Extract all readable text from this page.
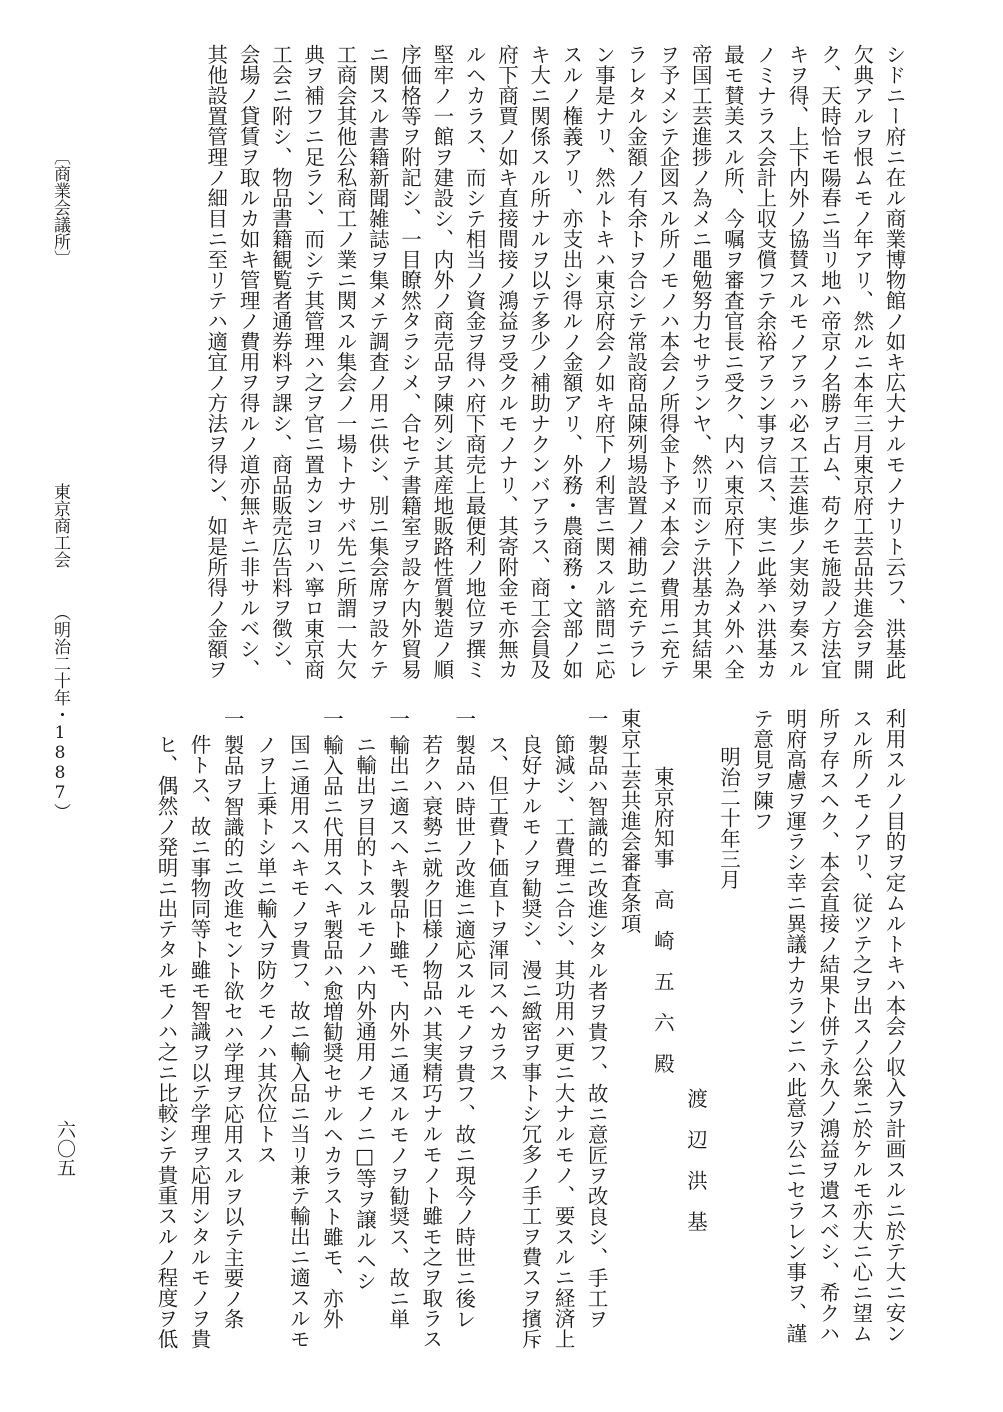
シドニー府ニ在ル商業博物館ノ如キ広大ナルモノナリト云フ、洪基此
欠典アルヲ恨ムモノ年アリ、然ルニ本年三月東京府工芸品共進会ヲ開
ク、天時恰モ陽春ニ当リ地ハ帝京ノ名勝ヲ占ム、苟クモ施設ノ方法宜
キヲ得、上下内外ノ協賛スルモノアラハ必ス工芸進歩ノ実効ヲ奏スル
ノミナラス会計上収支償フテ余裕アラン事ヲ信ス、実ニ此挙ハ洪基カ
最モ賛美スル所、今嘱ヲ審査官長ニ受ク、内ハ東京府下ノ為メ外ハ全
帝国工芸進捗ノ為メニ黽勉努力セサランヤ、然リ而シテ洪基カ其結果
ヲ予メシテ企図スル所ノモノハ本会ノ所得金ト予メ本会ノ費用ニ充テ
ラレタル金額ノ有余トヲ合シテ常設商品陳列場設置ノ補助ニ充テラレ
ン事是ナリ、然ルトキハ東京府会ノ如キ府下ノ利害ニ関スル諮問ニ応
スルノ権義アリ、亦支出シ得ルノ金額アリ、外務・農商務・文部ノ如
キ大ニ関係スル所ナルヲ以テ多少ノ補助ナクンバアラス、商工会員及
府下商賈ノ如キ直接間接ノ鴻益ヲ受クルモノナリ、其寄附金モ亦無カ
ルヘカラス、而シテ相当ノ資金ヲ得ハ府下商売上最便利ノ地位ヲ撰ミ
堅牢ノ一館ヲ建設シ、内外ノ商売品ヲ陳列シ其産地販路性質製造ノ順
序価格等ヲ附記シ、一目瞭然タラシメ、合セテ書籍室ヲ設ケ内外貿易
ニ関スル書籍新聞雑誌ヲ集メテ調査ノ用ニ供シ、別ニ集会席ヲ設ケテ
工商会其他公私商工ノ業ニ関スル集会ノ一場トナサバ先ニ所謂一大欠
典ヲ補フニ足ラン、而シテ其管理ハ之ヲ官ニ置カンヨリハ寧ロ東京商
工会ニ附シ、物品書籍観覧者通券料ヲ課シ、商品販売広告料ヲ徴シ、
会場ノ貸賃ヲ取ルカ如キ管理ノ費用ヲ得ルノ道亦無キニ非サルベシ、
其他設置管理ノ細目ニ至リテハ適宜ノ方法ヲ得ン、如是所得ノ金額ヲ
利用スルノ目的ヲ定ムルトキハ本会ノ収入ヲ計画スルニ於テ大ニ安ン
スル所ノモノアリ、従ツテ之ヲ出スノ公衆ニ於ケルモ亦大ニ心ニ望ム
所ヲ存スヘク、本会直接ノ結果ト併テ永久ノ鴻益ヲ遺スベシ、希クハ
明府高慮ヲ運ラシ幸ニ異議ナカランニハ此意ヲ公ニセラレン事ヲ、謹
テ意見ヲ陳フ
明治二十年三月
渡　辺　洪　基
東京府知事　高　崎　五　六　殿
東京工芸共進会審査条項
一製品ハ智識的ニ改進シタル者ヲ貴フ、故ニ意匠ヲ改良シ、手工ヲ
節減シ、工費理ニ合シ、其功用ハ更ニ大ナルモノ、要スルニ経済上
良好ナルモノヲ勧奨シ、漫ニ緻密ヲ事トシ冗多ノ手工ヲ費スヲ擯斥
ス、但工費ト価直トヲ渾同スヘカラス
一製品ハ時世ノ改進ニ適応スルモノヲ貴フ、故ニ現今ノ時世ニ後レ
若クハ衰勢ニ就ク旧様ノ物品ハ其実精巧ナルモノト雖モ之ヲ取ラス
一輸出ニ適スヘキ製品ト雖モ、内外ニ通スルモノヲ勧奨ス、故ニ単
ニ輸出ヲ目的トスルモノハ内外通用ノモノニ□等ヲ譲ルヘシ
一輸入品ニ代用スヘキ製品ハ愈増勧奨セサルヘカラスト雖モ、亦外
国ニ通用スヘキモノヲ貴フ、故ニ輸入品ニ当リ兼テ輸出ニ適スルモ
ノヲ上乗トシ単ニ輸入ヲ防クモノハ其次位トス
一製品ヲ智識的ニ改進セント欲セハ学理ヲ応用スルヲ以テ主要ノ条
件トス、故ニ事物同等ト雖モ智識ヲ以テ学理ヲ応用シタルモノヲ貴
ヒ、偶然ノ発明ニ出テタルモノハ之ニ比較シテ貴重スルノ程度ヲ低
〔商業会議所〕東京商工会（明治二十年・1887）
六〇五
